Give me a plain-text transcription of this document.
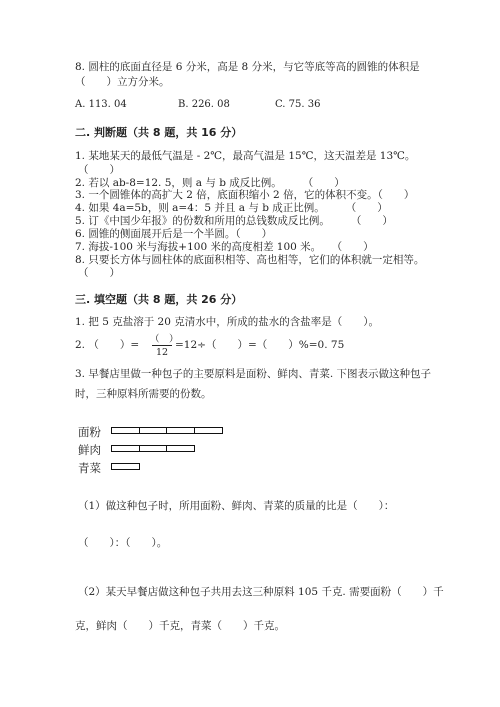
8. 圆柱的底面直径是 6 分米，高是 8 分米，与它等底等高的圆锥的体积是
（　　）立方分米。
A. 113. 04	B. 226. 08	C. 75. 36
二. 判断题（共 8 题，共 16 分）
1. 某地某天的最低气温是 - 2℃，最高气温是 15℃，这天温差是 13℃。
（　　）
2. 若以 ab-8=12. 5，则 a 与 b 成反比例。　　　（　　）
3. 一个圆锥体的高扩大 2 倍，底面积缩小 2 倍，它的体积不变。（　　）
4. 如果 4a=5b，则 a=4：5 并且 a 与 b 成正比例。　　　（　　）
5. 订《中国少年报》的份数和所用的总钱数成反比例。　　　（　　）
6. 圆锥的侧面展开后是一个半圆。（　　）
7. 海拔-100 米与海拔+100 米的高度相差 100 米。　　（　　）
8. 只要长方体与圆柱体的底面积相等、高也相等，它们的体积就一定相等。
（　　）
三. 填空题（共 8 题，共 26 分）
1. 把 5 克盐溶于 20 克清水中，所成的盐水的含盐率是（　　）。
2. （　　）= （　）
12
=12÷（　　）=（　　）%=0. 75
3. 早餐店里做一种包子的主要原料是面粉、鲜肉、青菜. 下图表示做这种包子
时，三种原料所需要的份数。
面粉
鲜肉
青菜
（1）做这种包子时，所用面粉、鲜肉、青菜的质量的比是（　　）：
（　　）：（　　）。
（2）某天早餐店做这种包子共用去这三种原料 105 千克. 需要面粉（　　）千
克，鲜肉（　　）千克，青菜（　　）千克。
